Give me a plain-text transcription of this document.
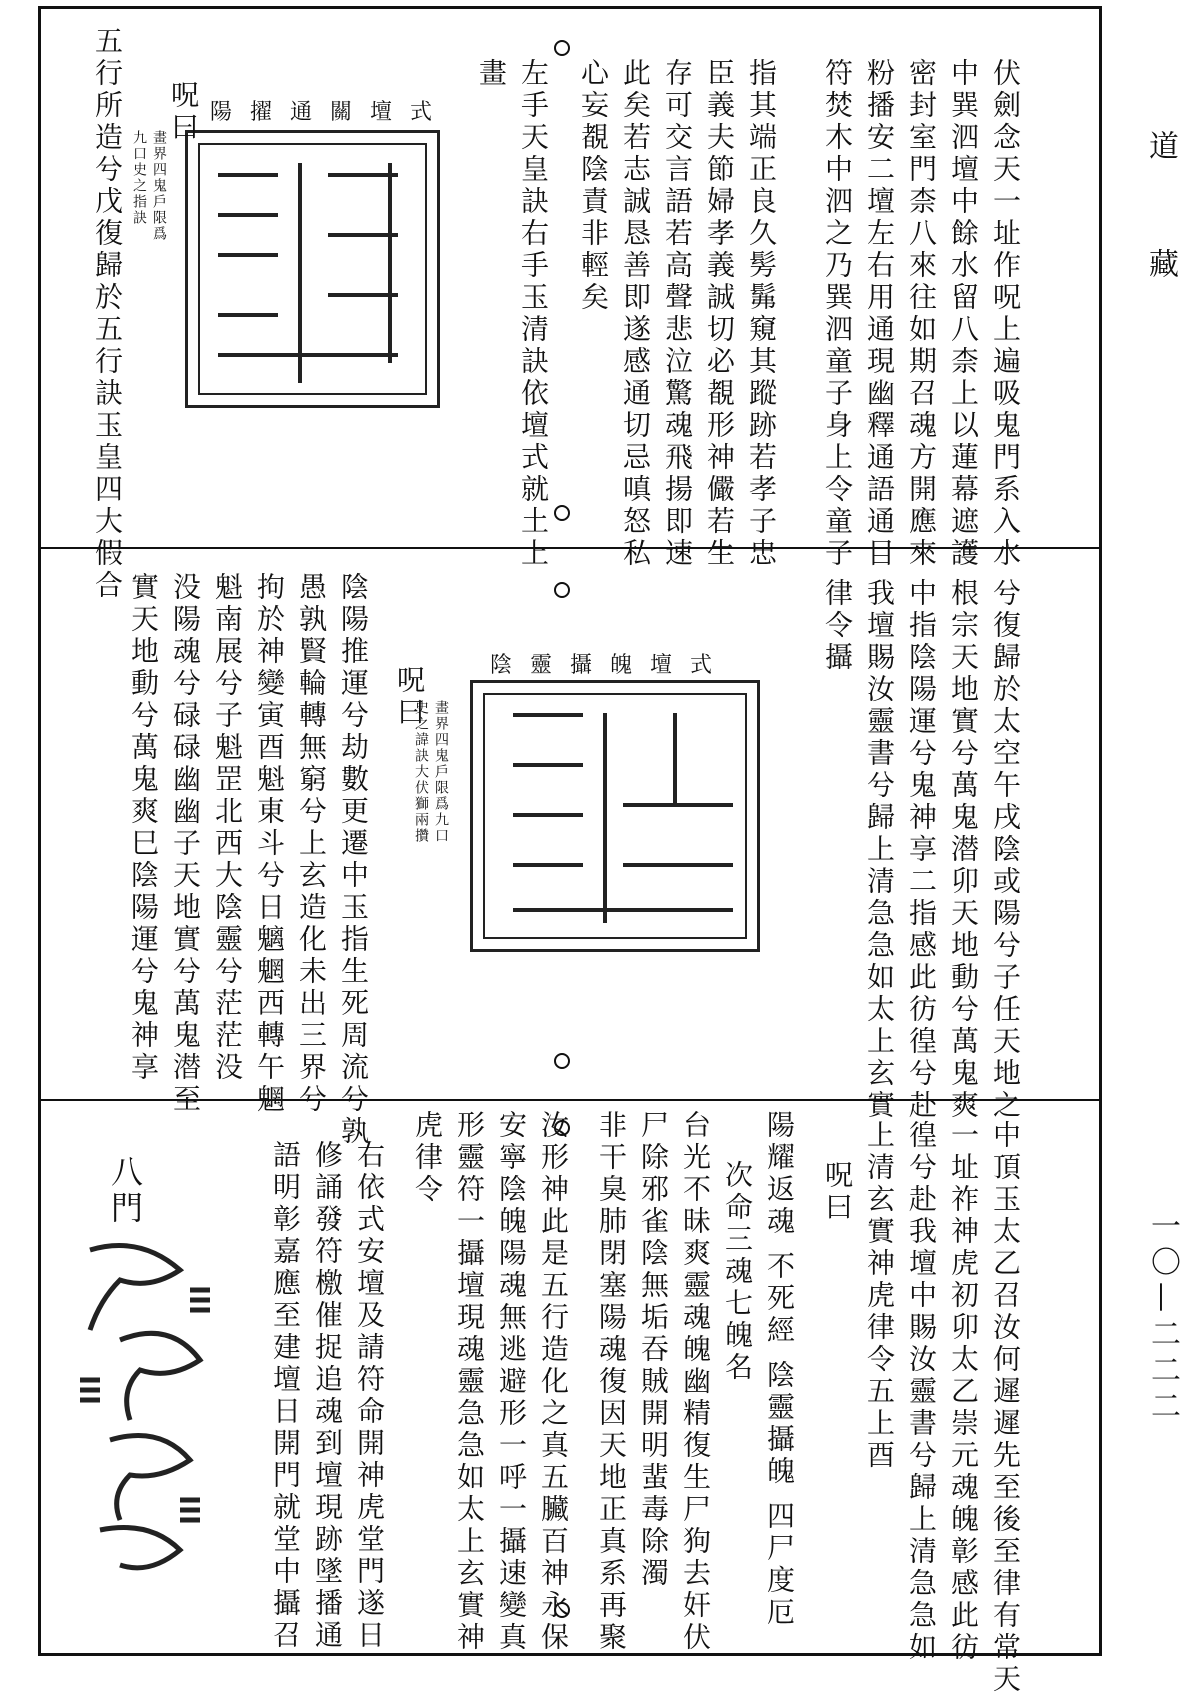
道
藏
一〇—二二二
伏劍念天一址作呪上遍吸鬼門系入水
中巽泗壇中餘水留八柰上以蓮幕遮護
密封室門柰八來往如期召魂方開應來
粉播安二壇左右用通現幽釋通語通目
符焚木中泗之乃巽泗童子身上令童子
指其端正良久髣髴窺其蹤跡若孝子忠
臣義夫節婦孝義誠切必覩形神儼若生
存可交言語若高聲悲泣驚魂飛揚即速
此矣若志誠恳善即遂感通切忌嗔怒私
心妄覩陰責非輕矣
左手天皇訣右手玉清訣依壇式就土上
畫
陽擢通關壇式
畫界四鬼戶限爲
九口史之指訣
呪曰
五行所造兮戊復歸於五行訣玉皇四大假合
兮復歸於太空午戌陰或陽兮子任天地之
根宗天地實兮萬鬼潜卯天地動兮萬鬼爽
中指陰陽運兮鬼神享二指感此彷徨兮赴
我壇賜汝靈書兮歸上清急急如太上玄實
律令攝
陰靈攝魄壇式
畫界四鬼戶限爲九口
史之諱訣大伏獅兩攢
呪曰
陰陽推運兮劫數更遷中玉指生死周流兮孰
愚孰賢輪轉無窮兮上玄造化未出三界兮
拘於神變寅酉魁東斗兮日魑魍西轉午魍
魁南展兮子魁罡北西大陰靈兮茫茫没
没陽魂兮碌碌幽幽子天地實兮萬鬼潜至
實天地動兮萬鬼爽巳陰陽運兮鬼神享
中頂玉太乙召汝何遲遲先至後至律有常天
一址祚神虎初卯太乙崇元魂魄彰感此彷
徨兮赴我壇中賜汝靈書兮歸上清急急如
上清玄實神虎律令五上酉
呪曰
陽耀返魂 不死經 陰靈攝魄 四尸度厄
次命三魂七魄名
台光不昧爽靈魂魄幽精復生尸狗去奸伏
尸除邪雀陰無垢吞賊開明蜚毒除濁
非干臭肺閉塞陽魂復因天地正真系再聚
汝形神此是五行造化之真五臟百神永保
安寧陰魄陽魂無逃避形一呼一攝速變真
形靈符一攝壇現魂靈急急如太上玄實神
虎律令
右依式安壇及請符命開神虎堂門遂日
修誦發符檄催捉追魂到壇現跡墜播通
語明彰嘉應至建壇日開門就堂中攝召
八門
